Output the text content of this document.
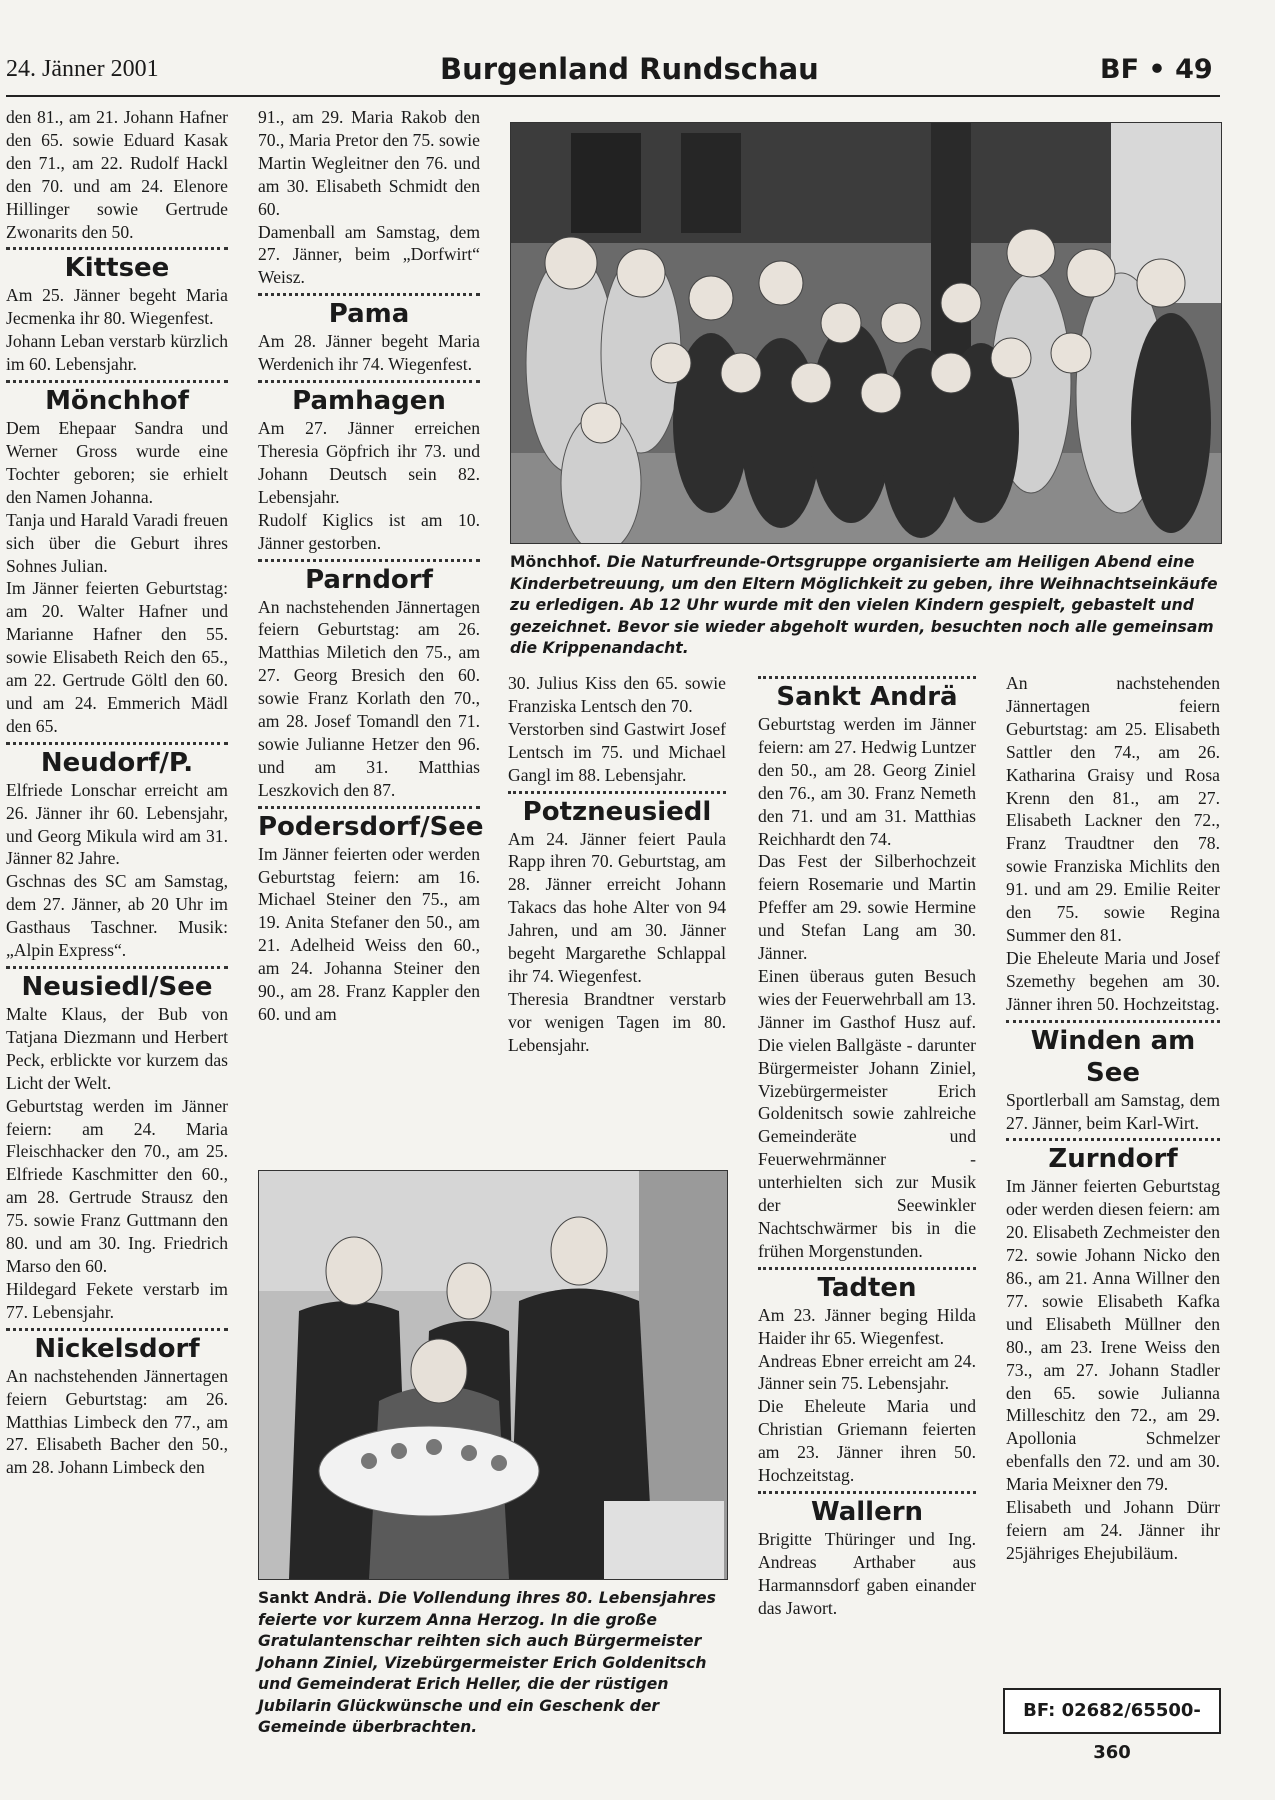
24. Jänner 2001	Burgenland Rundschau	BF • 49

den 81., am 21. Johann Hafner den 65. sowie Eduard Kasak den 71., am 22. Rudolf Hackl den 70. und am 24. Elenore Hillinger sowie Gertrude Zwonarits den 50.

Kittsee

Am 25. Jänner begeht Maria Jecmenka ihr 80. Wiegenfest.

Johann Leban verstarb kürzlich im 60. Lebensjahr.

Mönchhof

Dem Ehepaar Sandra und Werner Gross wurde eine Tochter geboren; sie erhielt den Namen Johanna.

Tanja und Harald Varadi freuen sich über die Geburt ihres Sohnes Julian.

Im Jänner feierten Geburtstag: am 20. Walter Hafner und Marianne Hafner den 55. sowie Elisabeth Reich den 65., am 22. Gertrude Göltl den 60. und am 24. Emmerich Mädl den 65.

Neudorf/P.

Elfriede Lonschar erreicht am 26. Jänner ihr 60. Lebensjahr, und Georg Mikula wird am 31. Jänner 82 Jahre.

Gschnas des SC am Samstag, dem 27. Jänner, ab 20 Uhr im Gasthaus Taschner. Musik: „Alpin Express“.

Neusiedl/See

Malte Klaus, der Bub von Tatjana Diezmann und Herbert Peck, erblickte vor kurzem das Licht der Welt.

Geburtstag werden im Jänner feiern: am 24. Maria Fleischhacker den 70., am 25. Elfriede Kaschmitter den 60., am 28. Gertrude Strausz den 75. sowie Franz Guttmann den 80. und am 30. Ing. Friedrich Marso den 60.

Hildegard Fekete verstarb im 77. Lebensjahr.

Nickelsdorf

An nachstehenden Jännertagen feiern Geburtstag: am 26. Matthias Limbeck den 77., am 27. Elisabeth Bacher den 50., am 28. Johann Limbeck den

91., am 29. Maria Rakob den 70., Maria Pretor den 75. sowie Martin Wegleitner den 76. und am 30. Elisabeth Schmidt den 60.

Damenball am Samstag, dem 27. Jänner, beim „Dorfwirt“ Weisz.

Pama

Am 28. Jänner begeht Maria Werdenich ihr 74. Wiegenfest.

Pamhagen

Am 27. Jänner erreichen Theresia Göpfrich ihr 73. und Johann Deutsch sein 82. Lebensjahr.

Rudolf Kiglics ist am 10. Jänner gestorben.

Parndorf

An nachstehenden Jännertagen feiern Geburtstag: am 26. Matthias Miletich den 75., am 27. Georg Bresich den 60. sowie Franz Korlath den 70., am 28. Josef Tomandl den 71. sowie Julianne Hetzer den 96. und am 31. Matthias Leszkovich den 87.

Podersdorf/See

Im Jänner feierten oder werden Geburtstag feiern: am 16. Michael Steiner den 75., am 19. Anita Stefaner den 50., am 21. Adelheid Weiss den 60., am 24. Johanna Steiner den 90., am 28. Franz Kappler den 60. und am

Mönchhof. Die Naturfreunde-Ortsgruppe organisierte am Heiligen Abend eine Kinderbetreuung, um den Eltern Möglichkeit zu geben, ihre Weihnachtseinkäufe zu erledigen. Ab 12 Uhr wurde mit den vielen Kindern gespielt, gebastelt und gezeichnet. Bevor sie wieder abgeholt wurden, besuchten noch alle gemeinsam die Krippenandacht.

30. Julius Kiss den 65. sowie Franziska Lentsch den 70.

Verstorben sind Gastwirt Josef Lentsch im 75. und Michael Gangl im 88. Lebensjahr.

Potzneusiedl

Am 24. Jänner feiert Paula Rapp ihren 70. Geburtstag, am 28. Jänner erreicht Johann Takacs das hohe Alter von 94 Jahren, und am 30. Jänner begeht Margarethe Schlappal ihr 74. Wiegenfest.

Theresia Brandtner verstarb vor wenigen Tagen im 80. Lebensjahr.

Sankt Andrä

Geburtstag werden im Jänner feiern: am 27. Hedwig Luntzer den 50., am 28. Georg Ziniel den 76., am 30. Franz Nemeth den 71. und am 31. Matthias Reichhardt den 74.

Das Fest der Silberhochzeit feiern Rosemarie und Martin Pfeffer am 29. sowie Hermine und Stefan Lang am 30. Jänner.

Einen überaus guten Besuch wies der Feuerwehrball am 13. Jänner im Gasthof Husz auf. Die vielen Ballgäste - darunter Bürgermeister Johann Ziniel, Vizebürgermeister Erich Goldenitsch sowie zahlreiche Gemeinderäte und Feuerwehrmänner - unterhielten sich zur Musik der Seewinkler Nachtschwärmer bis in die frühen Morgenstunden.

Tadten

Am 23. Jänner beging Hilda Haider ihr 65. Wiegenfest.

Andreas Ebner erreicht am 24. Jänner sein 75. Lebensjahr.

Die Eheleute Maria und Christian Griemann feierten am 23. Jänner ihren 50. Hochzeitstag.

Wallern

Brigitte Thüringer und Ing. Andreas Arthaber aus Harmannsdorf gaben einander das Jawort.

An nachstehenden Jännertagen feiern Geburtstag: am 25. Elisabeth Sattler den 74., am 26. Katharina Graisy und Rosa Krenn den 81., am 27. Elisabeth Lackner den 72., Franz Traudtner den 78. sowie Franziska Michlits den 91. und am 29. Emilie Reiter den 75. sowie Regina Summer den 81.

Die Eheleute Maria und Josef Szemethy begehen am 30. Jänner ihren 50. Hochzeitstag.

Winden am See

Sportlerball am Samstag, dem 27. Jänner, beim Karl-Wirt.

Zurndorf

Im Jänner feierten Geburtstag oder werden diesen feiern: am 20. Elisabeth Zechmeister den 72. sowie Johann Nicko den 86., am 21. Anna Willner den 77. sowie Elisabeth Kafka und Elisabeth Müllner den 80., am 23. Irene Weiss den 73., am 27. Johann Stadler den 65. sowie Julianna Milleschitz den 72., am 29. Apollonia Schmelzer ebenfalls den 72. und am 30. Maria Meixner den 79.

Elisabeth und Johann Dürr feiern am 24. Jänner ihr 25jähriges Ehejubiläum.

Sankt Andrä. Die Vollendung ihres 80. Lebensjahres feierte vor kurzem Anna Herzog. In die große Gratulantenschar reihten sich auch Bürgermeister Johann Ziniel, Vizebürgermeister Erich Goldenitsch und Gemeinderat Erich Heller, die der rüstigen Jubilarin Glückwünsche und ein Geschenk der Gemeinde überbrachten.

BF: 02682/65500-360
